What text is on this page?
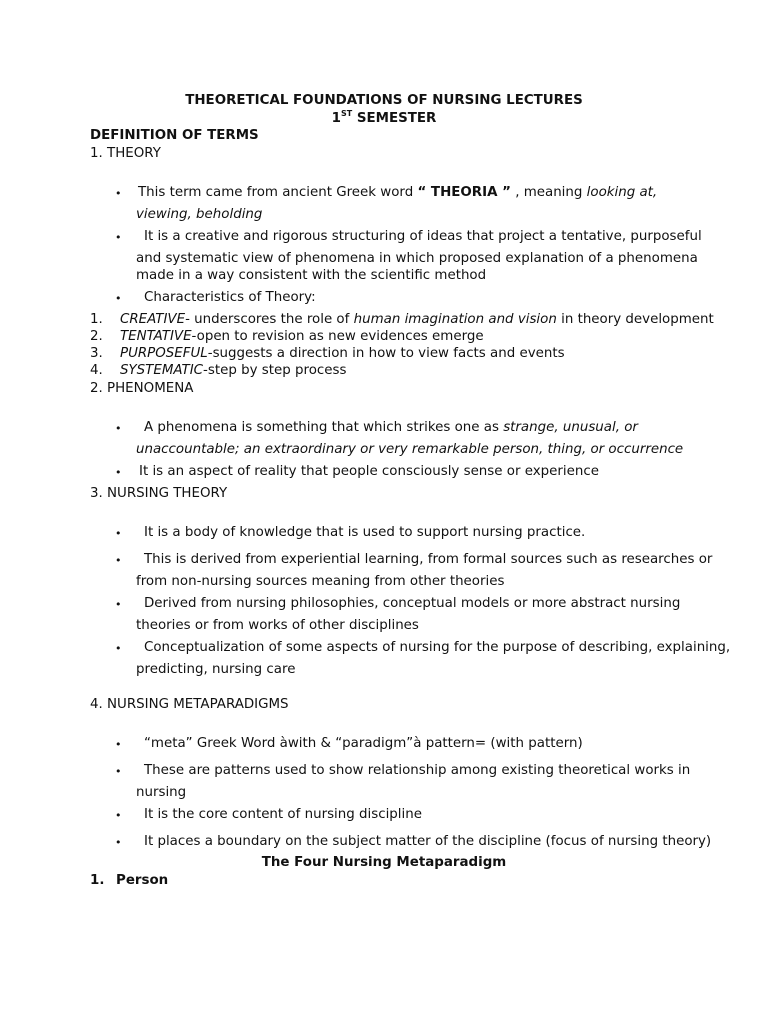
THEORETICAL FOUNDATIONS OF NURSING LECTURES
1ST SEMESTER
DEFINITION OF TERMS
1. THEORY
• This term came from ancient Greek word “ THEORIA ” , meaning looking at,
viewing, beholding
• It is a creative and rigorous structuring of ideas that project a tentative, purposeful
and systematic view of phenomena in which proposed explanation of a phenomena
made in a way consistent with the scientific method
• Characteristics of Theory:
1. CREATIVE- underscores the role of human imagination and vision in theory development
2. TENTATIVE-open to revision as new evidences emerge
3. PURPOSEFUL-suggests a direction in how to view facts and events
4. SYSTEMATIC-step by step process
2. PHENOMENA
• A phenomena is something that which strikes one as strange, unusual, or
unaccountable; an extraordinary or very remarkable person, thing, or occurrence
• It is an aspect of reality that people consciously sense or experience
3. NURSING THEORY
• It is a body of knowledge that is used to support nursing practice.
• This is derived from experiential learning, from formal sources such as researches or
from non-nursing sources meaning from other theories
• Derived from nursing philosophies, conceptual models or more abstract nursing
theories or from works of other disciplines
• Conceptualization of some aspects of nursing for the purpose of describing, explaining,
predicting, nursing care
4. NURSING METAPARADIGMS
• “meta” Greek Word àwith & “paradigm”à pattern= (with pattern)
• These are patterns used to show relationship among existing theoretical works in
nursing
• It is the core content of nursing discipline
• It places a boundary on the subject matter of the discipline (focus of nursing theory)
The Four Nursing Metaparadigm
1. Person
